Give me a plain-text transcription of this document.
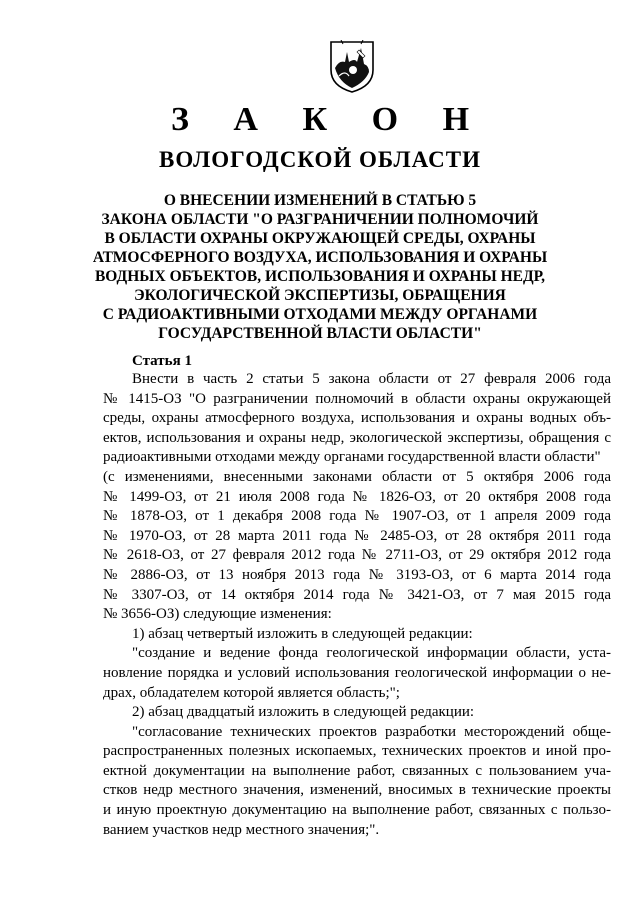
З А К О Н
ВОЛОГОДСКОЙ ОБЛАСТИ
О ВНЕСЕНИИ ИЗМЕНЕНИЙ В СТАТЬЮ 5
ЗАКОНА ОБЛАСТИ "О РАЗГРАНИЧЕНИИ ПОЛНОМОЧИЙ
В ОБЛАСТИ ОХРАНЫ ОКРУЖАЮЩЕЙ СРЕДЫ, ОХРАНЫ
АТМОСФЕРНОГО ВОЗДУХА, ИСПОЛЬЗОВАНИЯ И ОХРАНЫ
ВОДНЫХ ОБЪЕКТОВ, ИСПОЛЬЗОВАНИЯ И ОХРАНЫ НЕДР,
ЭКОЛОГИЧЕСКОЙ ЭКСПЕРТИЗЫ, ОБРАЩЕНИЯ
С РАДИОАКТИВНЫМИ ОТХОДАМИ МЕЖДУ ОРГАНАМИ
ГОСУДАРСТВЕННОЙ ВЛАСТИ ОБЛАСТИ"
Статья 1
Внести в часть 2 статьи 5 закона области от 27 февраля 2006 года
№ 1415-ОЗ "О разграничении полномочий в области охраны окружающей
среды, охраны атмосферного воздуха, использования и охраны водных объ-
ектов, использования и охраны недр, экологической экспертизы, обращения с
радиоактивными отходами между органами государственной власти области"
(с изменениями, внесенными законами области от 5 октября 2006 года
№ 1499-ОЗ, от 21 июля 2008 года № 1826-ОЗ, от 20 октября 2008 года
№ 1878-ОЗ, от 1 декабря 2008 года № 1907-ОЗ, от 1 апреля 2009 года
№ 1970-ОЗ, от 28 марта 2011 года № 2485-ОЗ, от 28 октября 2011 года
№ 2618-ОЗ, от 27 февраля 2012 года № 2711-ОЗ, от 29 октября 2012 года
№ 2886-ОЗ, от 13 ноября 2013 года № 3193-ОЗ, от 6 марта 2014 года
№ 3307-ОЗ, от 14 октября 2014 года № 3421-ОЗ, от 7 мая 2015 года
№ 3656-ОЗ) следующие изменения:
1) абзац четвертый изложить в следующей редакции:
"создание и ведение фонда геологической информации области, уста-
новление порядка и условий использования геологической информации о не-
драх, обладателем которой является область;";
2) абзац двадцатый изложить в следующей редакции:
"согласование технических проектов разработки месторождений обще-
распространенных полезных ископаемых, технических проектов и иной про-
ектной документации на выполнение работ, связанных с пользованием уча-
стков недр местного значения, изменений, вносимых в технические проекты
и иную проектную документацию на выполнение работ, связанных с пользо-
ванием участков недр местного значения;".
